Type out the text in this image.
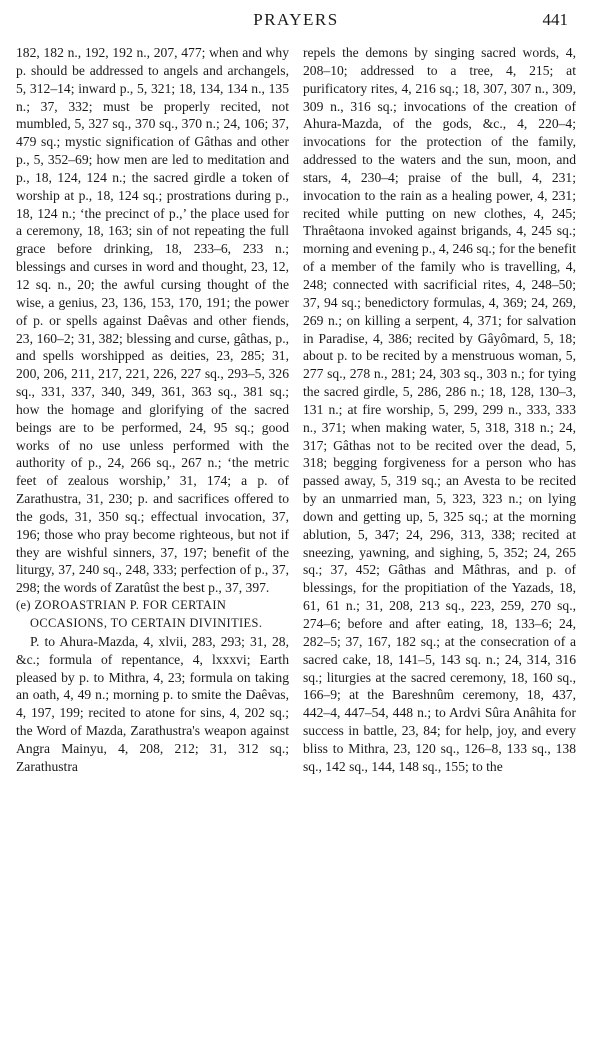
PRAYERS	441

182, 182 n., 192, 192 n., 207, 477; when and why p. should be addressed to angels and archangels, 5, 312–14; inward p., 5, 321; 18, 134, 134 n., 135 n.; 37, 332; must be properly recited, not mumbled, 5, 327 sq., 370 sq., 370 n.; 24, 106; 37, 479 sq.; mystic signification of Gâthas and other p., 5, 352–69; how men are led to meditation and p., 18, 124, 124 n.; the sacred girdle a token of worship at p., 18, 124 sq.; prostrations during p., 18, 124 n.; ‘the precinct of p.,’ the place used for a ceremony, 18, 163; sin of not repeating the full grace before drinking, 18, 233–6, 233 n.; blessings and curses in word and thought, 23, 12, 12 sq. n., 20; the awful cursing thought of the wise, a genius, 23, 136, 153, 170, 191; the power of p. or spells against Daêvas and other fiends, 23, 160–2; 31, 382; blessing and curse, gâthas, p., and spells worshipped as deities, 23, 285; 31, 200, 206, 211, 217, 221, 226, 227 sq., 293–5, 326 sq., 331, 337, 340, 349, 361, 363 sq., 381 sq.; how the homage and glorifying of the sacred beings are to be performed, 24, 95 sq.; good works of no use unless performed with the authority of p., 24, 266 sq., 267 n.; ‘the metric feet of zealous worship,’ 31, 174; a p. of Zarathustra, 31, 230; p. and sacrifices offered to the gods, 31, 350 sq.; effectual invocation, 37, 196; those who pray become righteous, but not if they are wishful sinners, 37, 197; benefit of the liturgy, 37, 240 sq., 248, 333; perfection of p., 37, 298; the words of Zaratûst the best p., 37, 397.

(e) ZOROASTRIAN P. FOR CERTAIN OCCASIONS, TO CERTAIN DIVINITIES.

P. to Ahura-Mazda, 4, xlvii, 283, 293; 31, 28, &c.; formula of repentance, 4, lxxxvi; Earth pleased by p. to Mithra, 4, 23; formula on taking an oath, 4, 49 n.; morning p. to smite the Daêvas, 4, 197, 199; recited to atone for sins, 4, 202 sq.; the Word of Mazda, Zarathustra's weapon against Angra Mainyu, 4, 208, 212; 31, 312 sq.; Zarathustra

repels the demons by singing sacred words, 4, 208–10; addressed to a tree, 4, 215; at purificatory rites, 4, 216 sq.; 18, 307, 307 n., 309, 309 n., 316 sq.; invocations of the creation of Ahura-Mazda, of the gods, &c., 4, 220–4; invocations for the protection of the family, addressed to the waters and the sun, moon, and stars, 4, 230–4; praise of the bull, 4, 231; invocation to the rain as a healing power, 4, 231; recited while putting on new clothes, 4, 245; Thraêtaona invoked against brigands, 4, 245 sq.; morning and evening p., 4, 246 sq.; for the benefit of a member of the family who is travelling, 4, 248; connected with sacrificial rites, 4, 248–50; 37, 94 sq.; benedictory formulas, 4, 369; 24, 269, 269 n.; on killing a serpent, 4, 371; for salvation in Paradise, 4, 386; recited by Gâyômard, 5, 18; about p. to be recited by a menstruous woman, 5, 277 sq., 278 n., 281; 24, 303 sq., 303 n.; for tying the sacred girdle, 5, 286, 286 n.; 18, 128, 130–3, 131 n.; at fire worship, 5, 299, 299 n., 333, 333 n., 371; when making water, 5, 318, 318 n.; 24, 317; Gâthas not to be recited over the dead, 5, 318; begging forgiveness for a person who has passed away, 5, 319 sq.; an Avesta to be recited by an unmarried man, 5, 323, 323 n.; on lying down and getting up, 5, 325 sq.; at the morning ablution, 5, 347; 24, 296, 313, 338; recited at sneezing, yawning, and sighing, 5, 352; 24, 265 sq.; 37, 452; Gâthas and Mâthras, and p. of blessings, for the propitiation of the Yazads, 18, 61, 61 n.; 31, 208, 213 sq., 223, 259, 270 sq., 274–6; before and after eating, 18, 133–6; 24, 282–5; 37, 167, 182 sq.; at the consecration of a sacred cake, 18, 141–5, 143 sq. n.; 24, 314, 316 sq.; liturgies at the sacred ceremony, 18, 160 sq., 166–9; at the Bareshnûm ceremony, 18, 437, 442–4, 447–54, 448 n.; to Ardvi Sûra Anâhita for success in battle, 23, 84; for help, joy, and every bliss to Mithra, 23, 120 sq., 126–8, 133 sq., 138 sq., 142 sq., 144, 148 sq., 155; to the
